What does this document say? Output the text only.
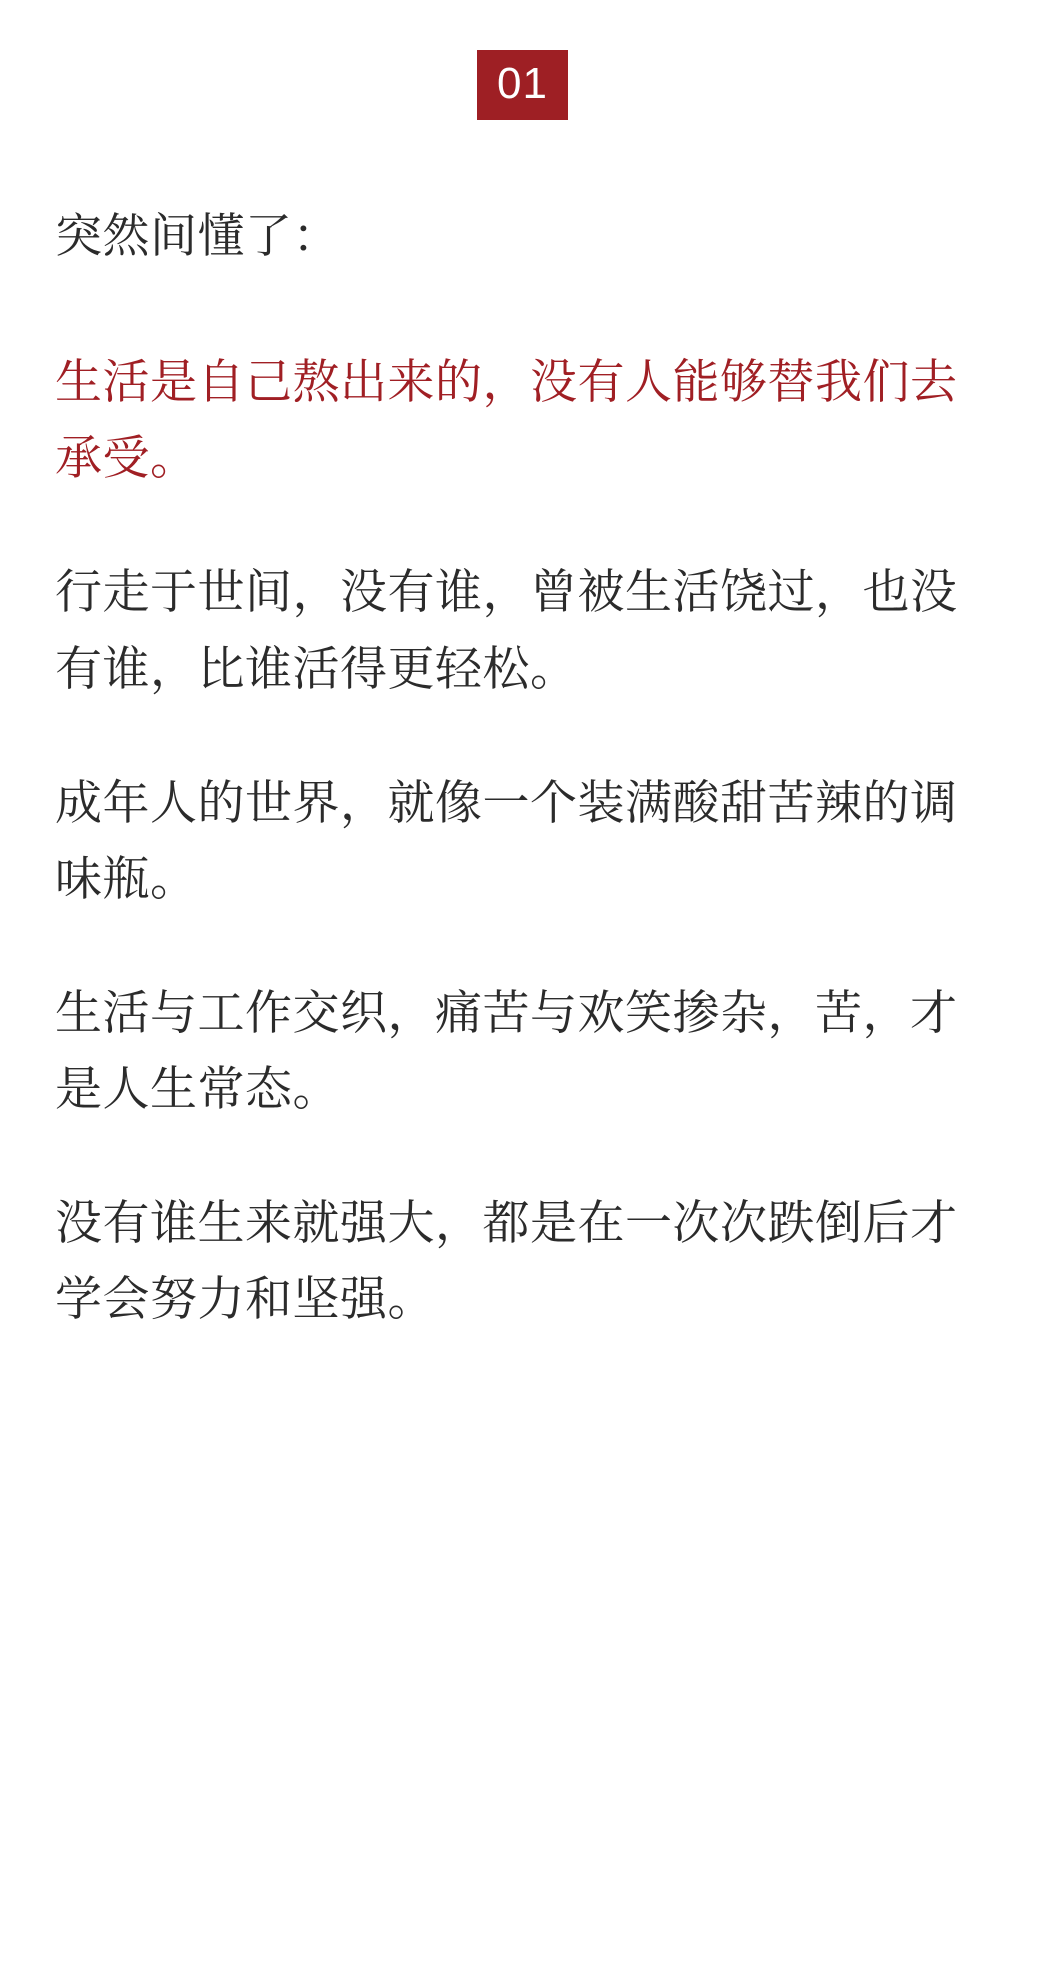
01

突然间懂了：

生活是自己熬出来的，没有人能够替我们去承受。

行走于世间，没有谁，曾被生活饶过，也没有谁，比谁活得更轻松。

成年人的世界，就像一个装满酸甜苦辣的调味瓶。

生活与工作交织，痛苦与欢笑掺杂，苦，才是人生常态。

没有谁生来就强大，都是在一次次跌倒后才学会努力和坚强。
